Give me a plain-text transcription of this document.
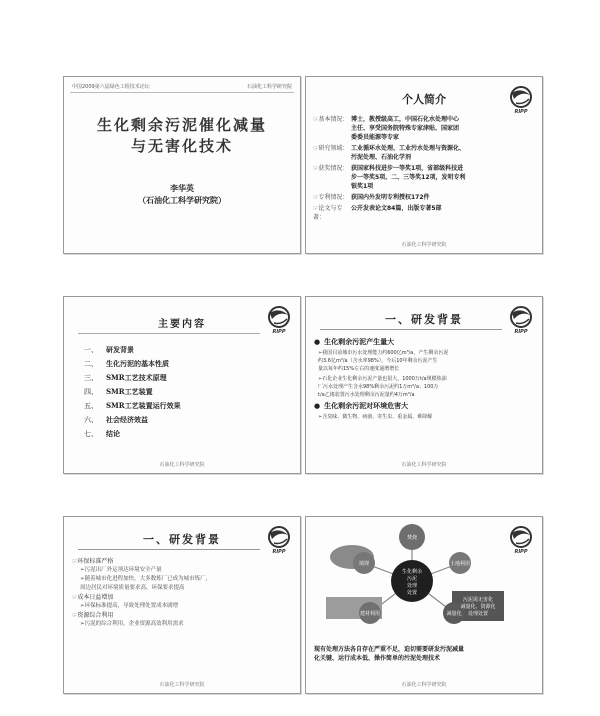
中国2009第六届绿色工程技术论坛	石油化工科学研究院
生化剩余污泥催化减量
与无害化技术
李华英
（石油化工科学研究院）
RIPP
个人简介
☞基本情况： 博士，教授级高工，中国石化水处理中心
主任、享受国务院特殊专家津贴、国家团
委委员能源等专家
☞研究领域： 工业循环水处理、工业污水处理与资源化、
污泥处理、石油化学剂
☞获奖情况： 获国家科技进步一等奖1项，省部级科技进
步一等奖5项、二、三等奖12项，发明专利
银奖1项
☞专利情况： 获国内外发明专利授权172件
☞论文与专著：
公开发表论文84篇，出版专著5部
石油化工科学研究院
RIPP
主要内容
一、 研发背景
二、 生化污泥的基本性质
三、 SMR工艺技术原理
四、 SMR工艺装置
五、 SMR工艺装置运行效果
六、 社会经济效益
七、 结论
石油化工科学研究院
RIPP
一、研发背景
● 生化剩余污泥产生量大
➢我国目前城市污水处理能力约600亿m³/a，产生剩余污泥
约3.6亿m³/a（含水率98%），今后10年剩余污泥产生
量以每年约15%左右的速度递增增长
➢石化企业生化剩余污泥产量也很大，1000万t/a规模炼油
厂污水处理产生含水98%剩余污泥约1万m³/a；100万
t/a乙烯装置污水处理剩余污泥量约4万m³/a
● 生化剩余污泥对环境危害大
➢含臭味、微生物、病菌、寄生虫、重金属、难降解
石油化工科学研究院
RIPP
一、研发背景
☞环保标准严格
➢污泥出厂外运须达环境安全产量
➢随着城市化进程加快，大多数炼厂已成为城市炼厂，
周边居民对环境质量要求高，环保要求提高
☞成本日益增加
➢环保标准提高，导致处理处置成本剧增
☞资源综合利用
➢污泥的综合利用，企业资源高效利用需求
石油化工科学研究院
RIPP
生化剩余
污泥
处理
处置
焚烧
填埋	土地利用
建材利用	减量化
污泥需无害化
减量化、资源化
处理处置
现有处理方法各自存在严重不足，迫切需要研发污泥减量
化关键、运行成本低、操作简单的污泥处理技术
石油化工科学研究院
